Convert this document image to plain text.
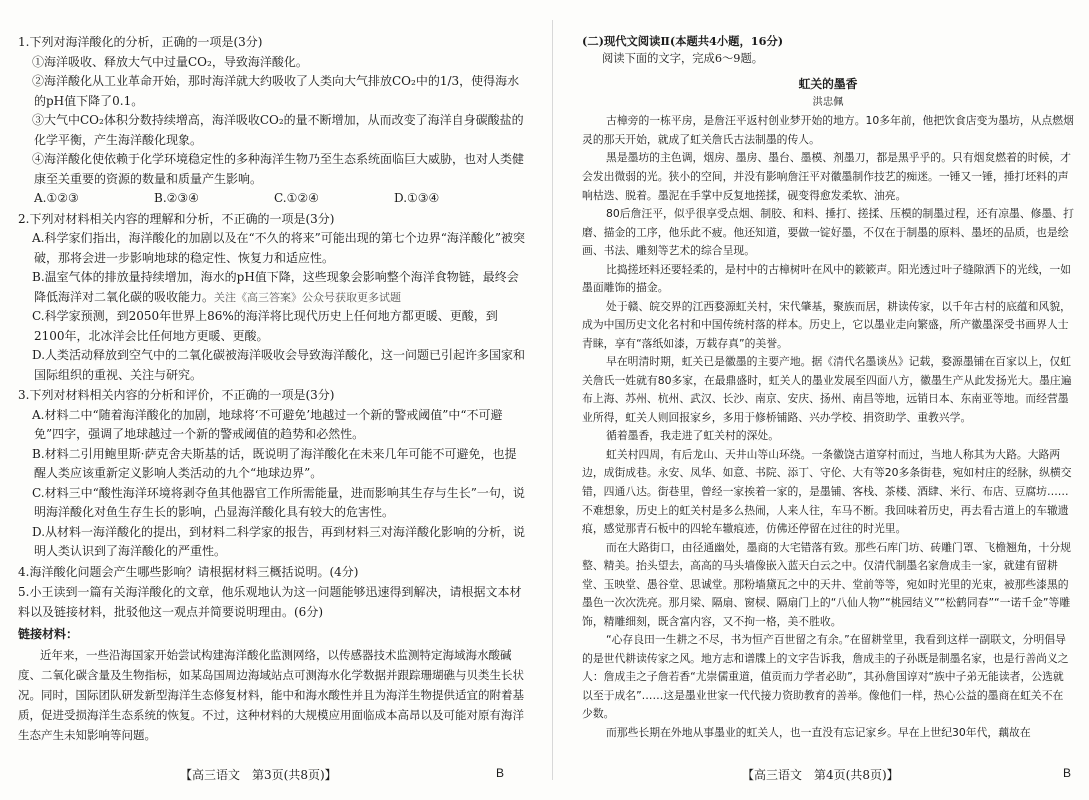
1.下列对海洋酸化的分析，正确的一项是(3分)

①海洋吸收、释放大气中过量CO₂，导致海洋酸化。

②海洋酸化从工业革命开始，那时海洋就大约吸收了人类向大气排放CO₂中的1/3，使得海水的pH值下降了0.1。

③大气中CO₂体积分数持续增高，海洋吸收CO₂的量不断增加，从而改变了海洋自身碳酸盐的化学平衡，产生海洋酸化现象。

④海洋酸化使依赖于化学环境稳定性的多种海洋生物乃至生态系统面临巨大威胁，也对人类健康至关重要的资源的数量和质量产生影响。

A.①②③	B.②③④	C.①②④	D.①③④

2.下列对材料相关内容的理解和分析，不正确的一项是(3分)

A.科学家们指出，海洋酸化的加剧以及在“不久的将来”可能出现的第七个边界“海洋酸化”被突破，那将会进一步影响地球的稳定性、恢复力和适应性。

B.温室气体的排放量持续增加，海水的pH值下降，这些现象会影响整个海洋食物链，最终会降低海洋对二氧化碳的吸收能力。关注《高三答案》公众号获取更多试题

C.科学家预测，到2050年世界上86%的海洋将比现代历史上任何地方都更暖、更酸，到2100年，北冰洋会比任何地方更暖、更酸。

D.人类活动释放到空气中的二氧化碳被海洋吸收会导致海洋酸化，这一问题已引起许多国家和国际组织的重视、关注与研究。

3.下列对材料相关内容的分析和评价，不正确的一项是(3分)

A.材料二中“随着海洋酸化的加剧，地球将‘不可避免’地越过一个新的警戒阈值”中“不可避免”四字，强调了地球越过一个新的警戒阈值的趋势和必然性。

B.材料二引用鲍里斯·萨克舍夫斯基的话，既说明了海洋酸化在未来几年可能不可避免，也提醒人类应该重新定义影响人类活动的九个“地球边界”。

C.材料三中“酸性海洋环境将剥夺鱼其他器官工作所需能量，进而影响其生存与生长”一句，说明海洋酸化对鱼生存生长的影响，凸显海洋酸化具有较大的危害性。

D.从材料一海洋酸化的提出，到材料二科学家的报告，再到材料三对海洋酸化影响的分析，说明人类认识到了海洋酸化的严重性。

4.海洋酸化问题会产生哪些影响？请根据材料三概括说明。(4分)

5.小王读到一篇有关海洋酸化的文章，他乐观地认为这一问题能够迅速得到解决，请根据文本材料以及链接材料，批驳他这一观点并简要说明理由。(6分)

链接材料：

近年来，一些沿海国家开始尝试构建海洋酸化监测网络，以传感器技术监测特定海域海水酸碱度、二氧化碳含量及生物指标，如某岛国周边海域站点可测海水化学数据并跟踪珊瑚礁与贝类生长状况。同时，国际团队研发新型海洋生态修复材料，能中和海水酸性并且为海洋生物提供适宜的附着基质，促进受损海洋生态系统的恢复。不过，这种材料的大规模应用面临成本高昂以及可能对原有海洋生态产生未知影响等问题。

(二)现代文阅读Ⅱ(本题共4小题，16分)

阅读下面的文字，完成6～9题。

虹关的墨香

洪忠佩

古樟旁的一栋平房，是詹汪平返村创业梦开始的地方。10多年前，他把饮食店变为墨坊，从点燃烟灵的那天开始，就成了虹关詹氏古法制墨的传人。

黑是墨坊的主色调，烟房、墨房、墨台、墨模、剂墨刀，都是黑乎乎的。只有烟炱燃着的时候，才会发出微弱的光。狭小的空间，并没有影响詹汪平对徽墨制作技艺的痴迷。一锤又一锤，捶打坯料的声响枯迭、脱着。墨泥在手掌中反复地搓揉，砚变得愈发柔软、油亮。

80后詹汪平，似乎很享受点烟、制胶、和料、捶打、搓揉、压模的制墨过程，还有凉墨、修墨、打磨、描金的工序，他乐此不疲。他还知道，要做一锭好墨，不仅在于制墨的原料、墨坯的品质，也是绘画、书法、雕刻等艺术的综合呈现。

比捣搓坯料还要轻柔的，是村中的古樟树叶在风中的簌簌声。阳光透过叶子缝隙洒下的光线，一如墨面雕饰的描金。

处于赣、皖交界的江西婺源虹关村，宋代肇基，聚族而居，耕读传家，以千年古村的底蕴和风貌，成为中国历史文化名村和中国传统村落的样本。历史上，它以墨业走向繁盛，所产徽墨深受书画界人士青睐，享有“落纸如漆，万载存真”的美誉。

早在明清时期，虹关已是徽墨的主要产地。据《清代名墨谈丛》记载，婺源墨铺在百家以上，仅虹关詹氏一姓就有80多家，在最鼎盛时，虹关人的墨业发展至四面八方，徽墨生产从此发扬光大。墨庄遍布上海、苏州、杭州、武汉、长沙、南京、安庆、扬州、南昌等地，远销日本、东南亚等地。而经营墨业所得，虹关人则回报家乡，多用于修桥铺路、兴办学校、捐资助学、重教兴学。

循着墨香，我走进了虹关村的深处。

虹关村四周，有后龙山、天井山等山环绕。一条徽饶古道穿村而过，当地人称其为大路。大路两边，成街成巷。永安、凤华、如意、书院、添丁、守伦、大有等20多条街巷，宛如村庄的经脉，纵横交错，四通八达。街巷里，曾经一家挨着一家的，是墨铺、客栈、茶楼、酒肆、米行、布店、豆腐坊……不难想象，历史上的虹关村是多么热闹，人来人往，车马不断。我回味着历史，再去看古道上的车辙遗痕，感觉那青石板中的四轮车辙痕迹，仿佛还停留在过往的时光里。

而在大路街口，由径通幽处，墨商的大宅错落有致。那些石库门坊、砖雕门罩、飞檐翘角，十分规整、精美。抬头望去，高高的马头墙像嵌入蓝天白云之中。仅清代制墨名家詹成圭一家，就建有留耕堂、玉映堂、愚谷堂、思诚堂。那粉墙黛瓦之中的天井、堂前等等，宛如时光里的光束，被那些漆黑的墨色一次次洗亮。那月梁、隔扇、窗棂、隔扇门上的“八仙人物”“桃园结义”“松鹤同春”“一诺千金”等雕饰，精雕细刻，既含富内容，又不拘一格，美不胜收。

“心存良田一生耕之不尽，书为恒产百世留之有余。”在留耕堂里，我看到这样一副联文，分明倡导的是世代耕读传家之风。地方志和谱牒上的文字告诉我，詹成圭的子孙既是制墨名家，也是行善尚义之人：詹成圭之子詹若香“尤崇儒重道，值贡而力学者必助”，其孙詹国谆对“族中子弟无能读者，公选就以至于成名”……这是墨业世家一代代接力资助教育的善举。像他们一样，热心公益的墨商在虹关不在少数。

而那些长期在外地从事墨业的虹关人，也一直没有忘记家乡。早在上世纪30年代，藕故在

【高三语文　第3页(共8页)】	B	【高三语文　第4页(共8页)】	B
